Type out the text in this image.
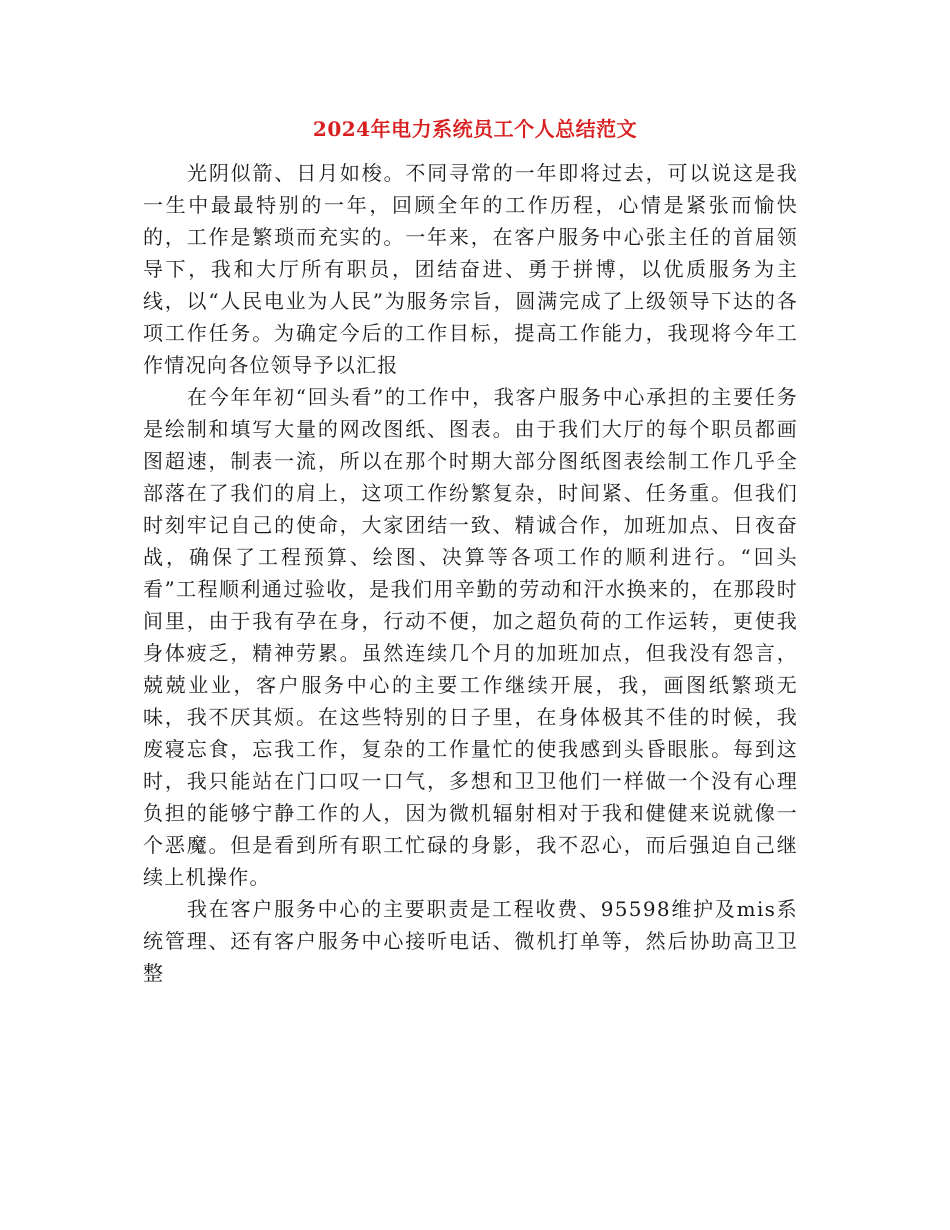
2024年电力系统员工个人总结范文

光阴似箭、日月如梭。不同寻常的一年即将过去，可以说这是我一生中最最特别的一年，回顾全年的工作历程，心情是紧张而愉快的，工作是繁琐而充实的。一年来，在客户服务中心张主任的首届领导下，我和大厅所有职员，团结奋进、勇于拼博，以优质服务为主线，以“人民电业为人民”为服务宗旨，圆满完成了上级领导下达的各项工作任务。为确定今后的工作目标，提高工作能力，我现将今年工作情况向各位领导予以汇报

在今年年初“回头看”的工作中，我客户服务中心承担的主要任务是绘制和填写大量的网改图纸、图表。由于我们大厅的每个职员都画图超速，制表一流，所以在那个时期大部分图纸图表绘制工作几乎全部落在了我们的肩上，这项工作纷繁复杂，时间紧、任务重。但我们时刻牢记自己的使命，大家团结一致、精诚合作，加班加点、日夜奋战，确保了工程预算、绘图、决算等各项工作的顺利进行。“回头看”工程顺利通过验收，是我们用辛勤的劳动和汗水换来的，在那段时间里，由于我有孕在身，行动不便，加之超负荷的工作运转，更使我身体疲乏，精神劳累。虽然连续几个月的加班加点，但我没有怨言，兢兢业业，客户服务中心的主要工作继续开展，我，画图纸繁琐无味，我不厌其烦。在这些特别的日子里，在身体极其不佳的时候，我废寝忘食，忘我工作，复杂的工作量忙的使我感到头昏眼胀。每到这时，我只能站在门口叹一口气，多想和卫卫他们一样做一个没有心理负担的能够宁静工作的人，因为微机辐射相对于我和健健来说就像一个恶魔。但是看到所有职工忙碌的身影，我不忍心，而后强迫自己继续上机操作。

我在客户服务中心的主要职责是工程收费、95598维护及mis系统管理、还有客户服务中心接听电话、微机打单等，然后协助高卫卫整
